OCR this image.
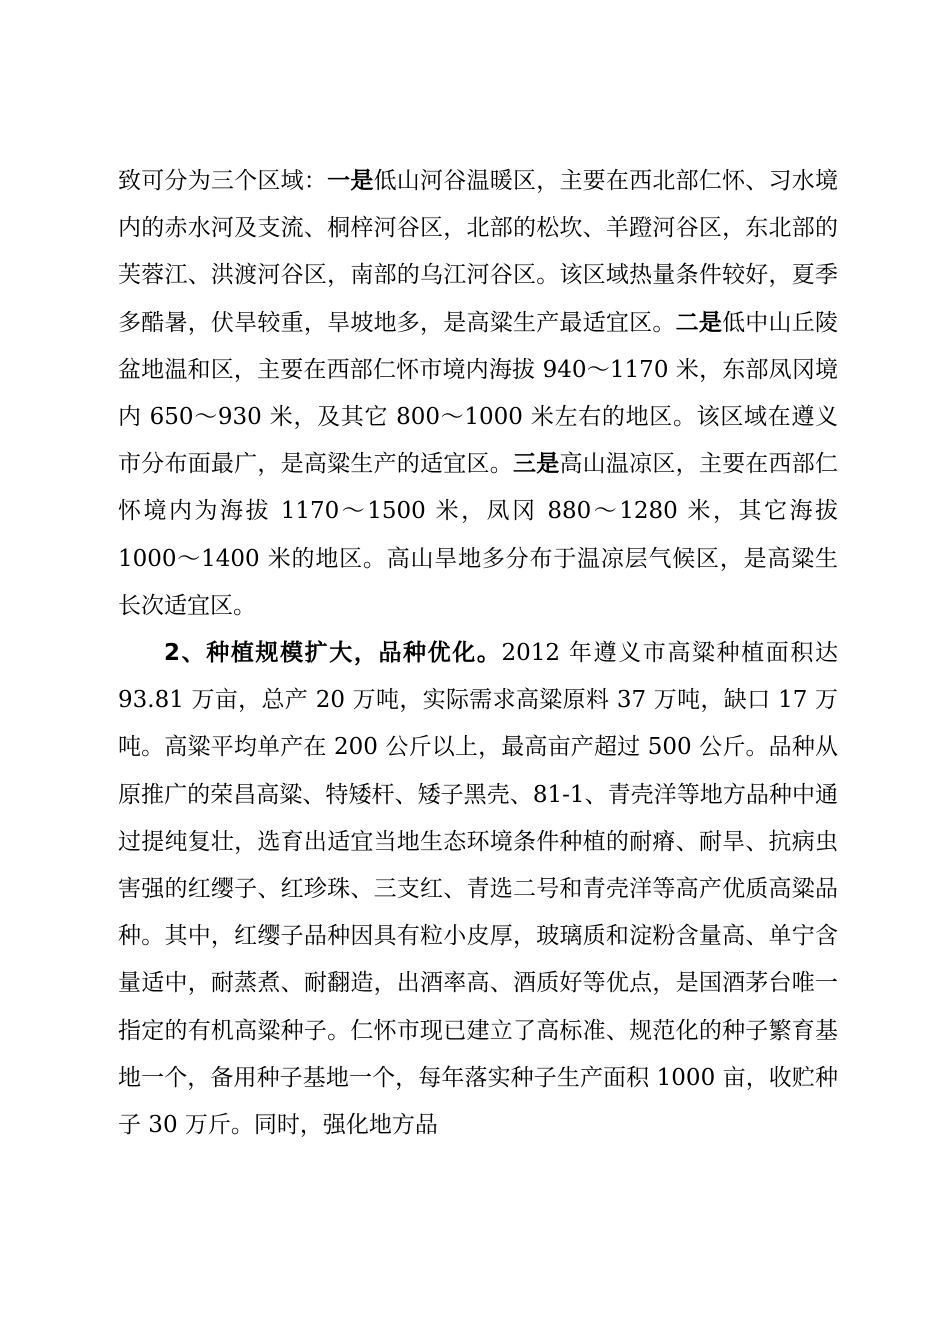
致可分为三个区域：一是低山河谷温暖区，主要在西北部仁怀、习水境内的赤水河及支流、桐梓河谷区，北部的松坎、羊蹬河谷区，东北部的芙蓉江、洪渡河谷区，南部的乌江河谷区。该区域热量条件较好，夏季多酷暑，伏旱较重，旱坡地多，是高粱生产最适宜区。二是低中山丘陵盆地温和区，主要在西部仁怀市境内海拔 940～1170 米，东部凤冈境内 650～930 米，及其它 800～1000 米左右的地区。该区域在遵义市分布面最广，是高粱生产的适宜区。三是高山温凉区，主要在西部仁怀境内为海拔 1170～1500 米，凤冈 880～1280 米，其它海拔 1000～1400 米的地区。高山旱地多分布于温凉层气候区，是高粱生长次适宜区。

2、种植规模扩大，品种优化。2012 年遵义市高粱种植面积达 93.81 万亩，总产 20 万吨，实际需求高粱原料 37 万吨，缺口 17 万吨。高粱平均单产在 200 公斤以上，最高亩产超过 500 公斤。品种从原推广的荣昌高粱、特矮杆、矮子黑壳、81-1、青壳洋等地方品种中通过提纯复壮，选育出适宜当地生态环境条件种植的耐瘠、耐旱、抗病虫害强的红缨子、红珍珠、三支红、青选二号和青壳洋等高产优质高粱品种。其中，红缨子品种因具有粒小皮厚，玻璃质和淀粉含量高、单宁含量适中，耐蒸煮、耐翻造，出酒率高、酒质好等优点，是国酒茅台唯一指定的有机高粱种子。仁怀市现已建立了高标准、规范化的种子繁育基地一个，备用种子基地一个，每年落实种子生产面积 1000 亩，收贮种子 30 万斤。同时，强化地方品
